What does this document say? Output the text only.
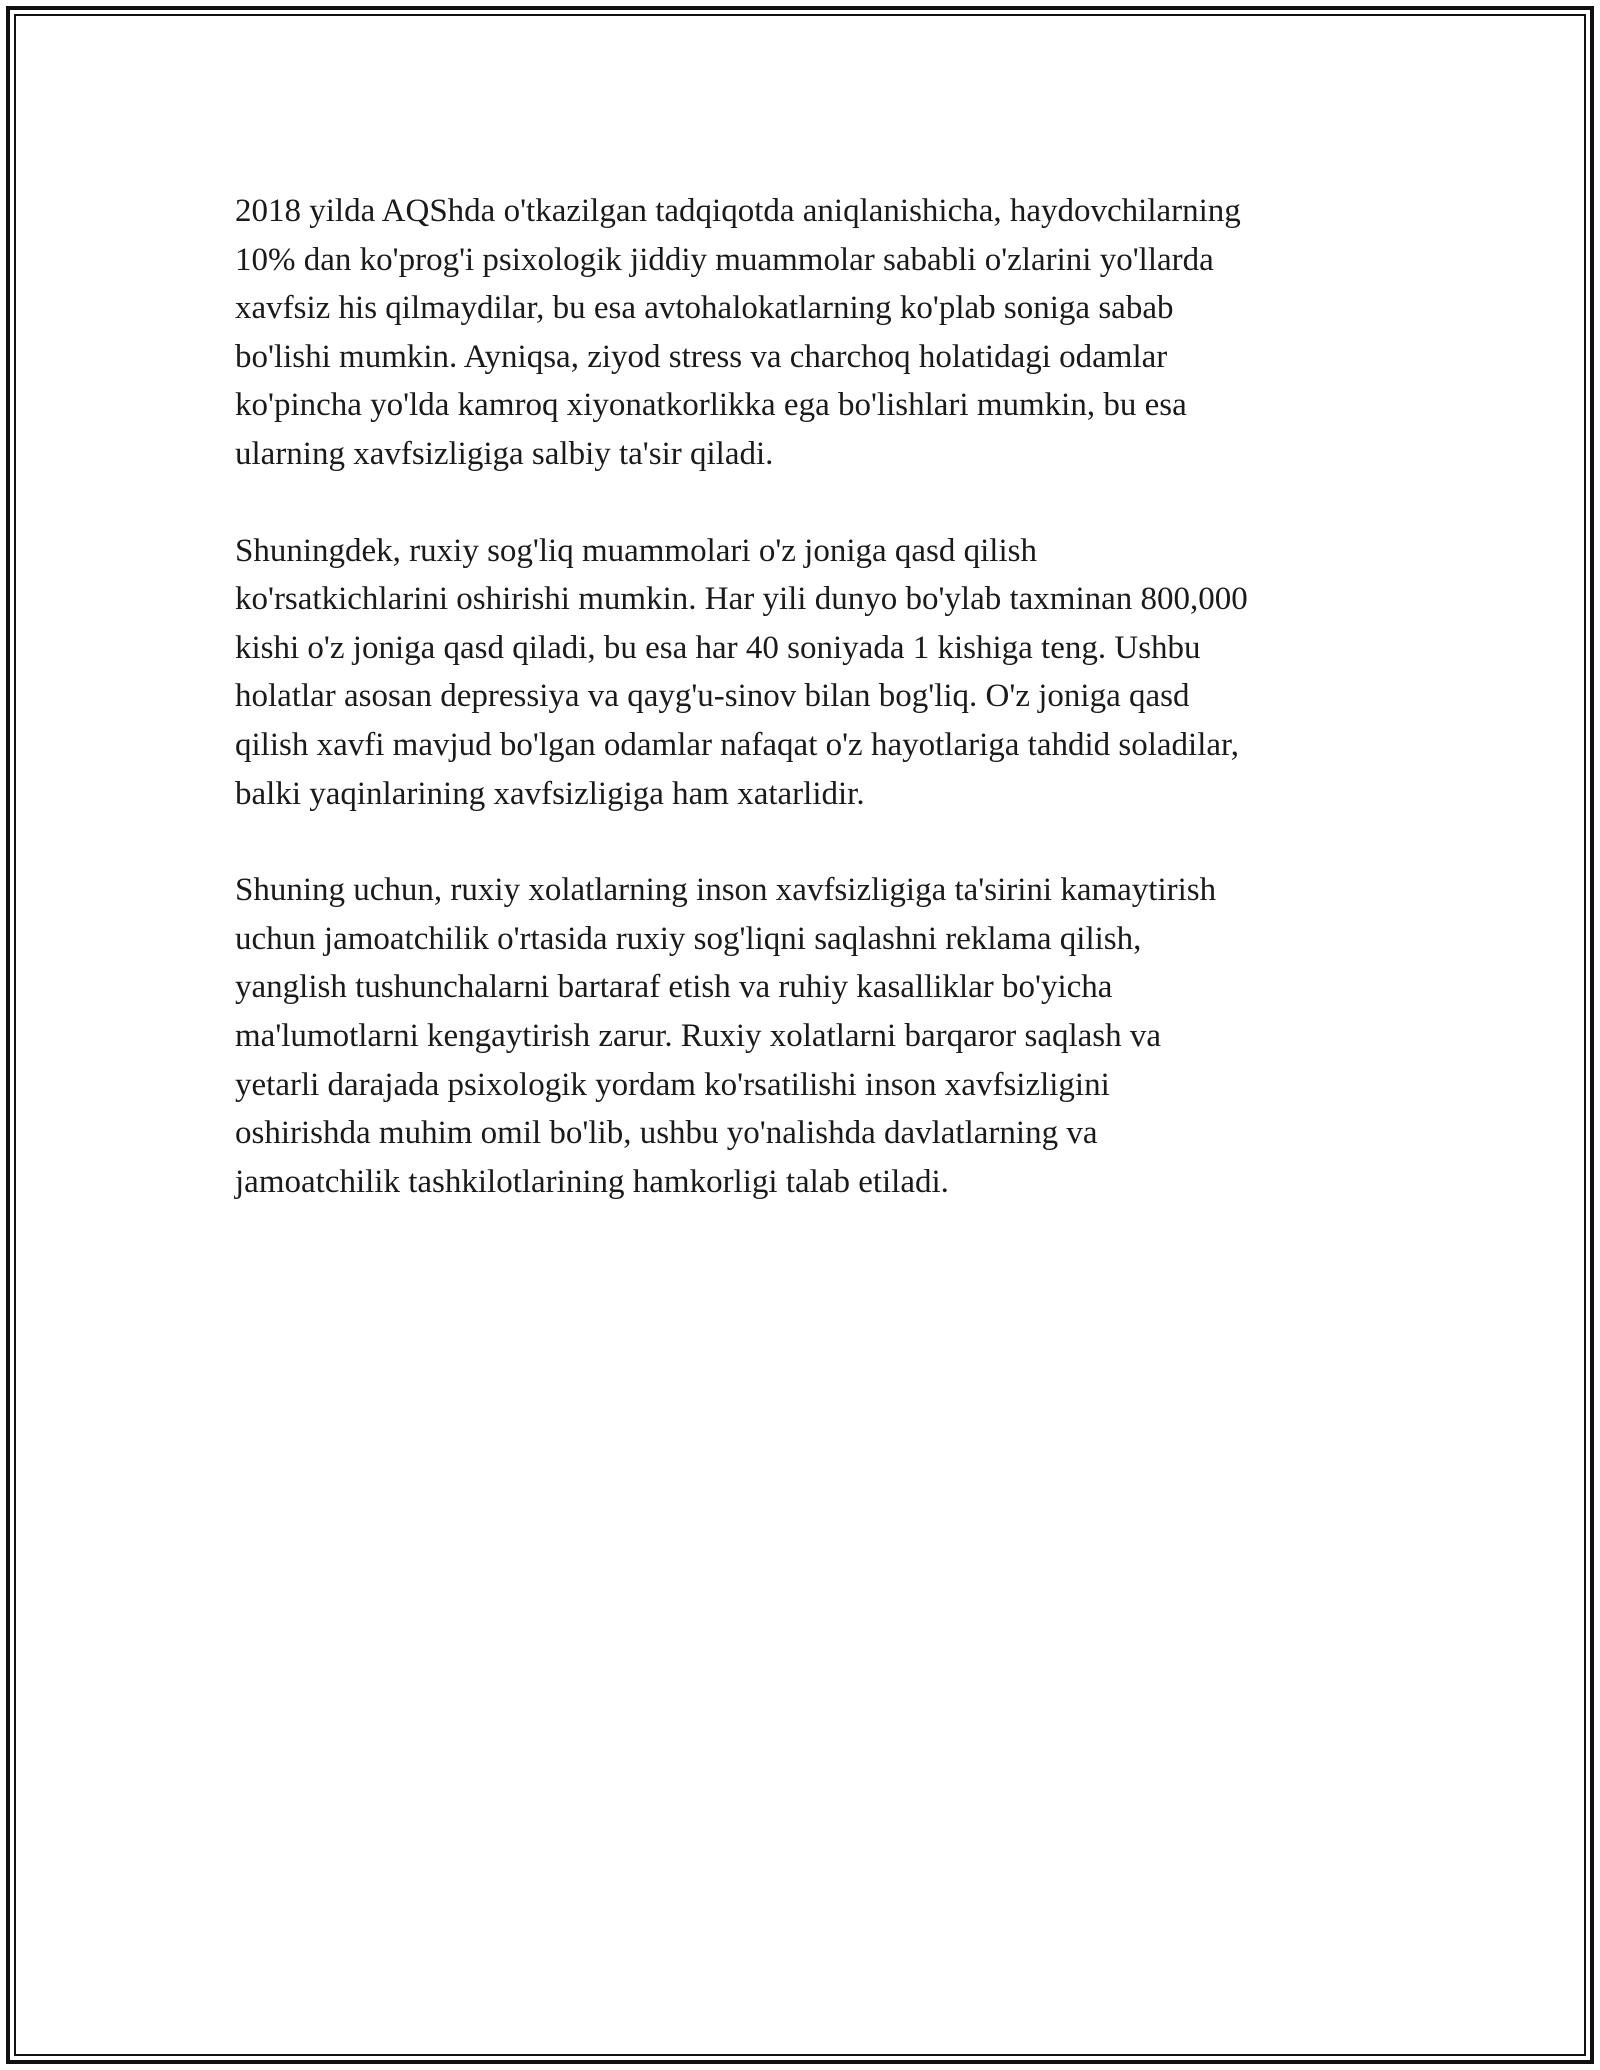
2018 yilda AQShda o'tkazilgan tadqiqotda aniqlanishicha, haydovchilarning
10% dan ko'prog'i psixologik jiddiy muammolar sababli o'zlarini yo'llarda
xavfsiz his qilmaydilar, bu esa avtohalokatlarning ko'plab soniga sabab
bo'lishi mumkin. Ayniqsa, ziyod stress va charchoq holatidagi odamlar
ko'pincha yo'lda kamroq xiyonatkorlikka ega bo'lishlari mumkin, bu esa
ularning xavfsizligiga salbiy ta'sir qiladi.

Shuningdek, ruxiy sog'liq muammolari o'z joniga qasd qilish
ko'rsatkichlarini oshirishi mumkin. Har yili dunyo bo'ylab taxminan 800,000
kishi o'z joniga qasd qiladi, bu esa har 40 soniyada 1 kishiga teng. Ushbu
holatlar asosan depressiya va qayg'u-sinov bilan bog'liq. O'z joniga qasd
qilish xavfi mavjud bo'lgan odamlar nafaqat o'z hayotlariga tahdid soladilar,
balki yaqinlarining xavfsizligiga ham xatarlidir.

Shuning uchun, ruxiy xolatlarning inson xavfsizligiga ta'sirini kamaytirish
uchun jamoatchilik o'rtasida ruxiy sog'liqni saqlashni reklama qilish,
yanglish tushunchalarni bartaraf etish va ruhiy kasalliklar bo'yicha
ma'lumotlarni kengaytirish zarur. Ruxiy xolatlarni barqaror saqlash va
yetarli darajada psixologik yordam ko'rsatilishi inson xavfsizligini
oshirishda muhim omil bo'lib, ushbu yo'nalishda davlatlarning va
jamoatchilik tashkilotlarining hamkorligi talab etiladi.
